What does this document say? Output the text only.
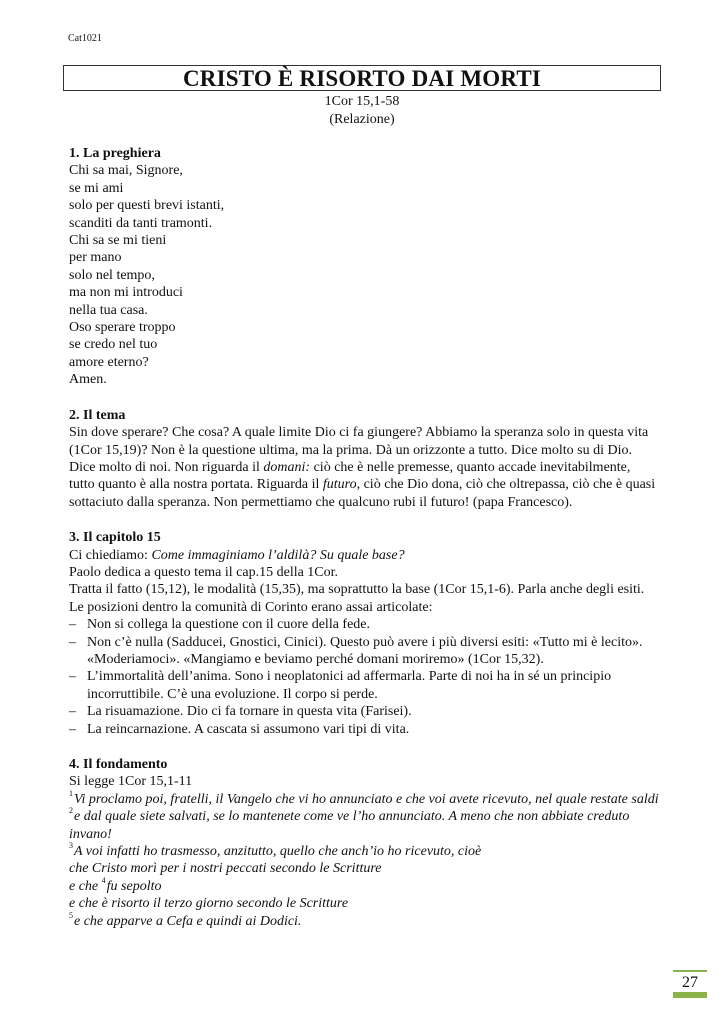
Cat1021
CRISTO È RISORTO DAI MORTI
1Cor 15,1-58
(Relazione)
1. La preghiera
Chi sa mai, Signore,
se mi ami
solo per questi brevi istanti,
scanditi da tanti tramonti.
Chi sa se mi tieni
per mano
solo nel tempo,
ma non mi introduci
nella tua casa.
Oso sperare troppo
se credo nel tuo
amore eterno?
Amen.
2. Il tema

Sin dove sperare? Che cosa? A quale limite Dio ci fa giungere? Abbiamo la speranza solo in questa vita (1Cor 15,19)? Non è la questione ultima, ma la prima. Dà un orizzonte a tutto. Dice molto su di Dio. Dice molto di noi. Non riguarda il domani: ciò che è nelle premesse, quanto accade inevitabilmente, tutto quanto è alla nostra portata. Riguarda il futuro, ciò che Dio dona, ciò che oltrepassa, ciò che è quasi sottaciuto dalla speranza. Non permettiamo che qualcuno rubi il futuro! (papa Francesco).

3. Il capitolo 15

Ci chiediamo: Come immaginiamo l’aldilà? Su quale base?

Paolo dedica a questo tema il cap.15 della 1Cor.

Tratta il fatto (15,12), le modalità (15,35), ma soprattutto la base (1Cor 15,1-6). Parla anche degli esiti.

Le posizioni dentro la comunità di Corinto erano assai articolate:

– Non si collega la questione con il cuore della fede.
– Non c’è nulla (Sadducei, Gnostici, Cinici). Questo può avere i più diversi esiti: «Tutto mi è lecito». «Moderiamoci». «Mangiamo e beviamo perché domani moriremo» (1Cor 15,32).
– L’immortalità dell’anima. Sono i neoplatonici ad affermarla. Parte di noi ha in sé un principio incorruttibile. C’è una evoluzione. Il corpo si perde.
– La risuamazione. Dio ci fa tornare in questa vita (Farisei).
– La reincarnazione. A cascata si assumono vari tipi di vita.
4. Il fondamento

Si legge 1Cor 15,1-11

$^1$Vi proclamo poi, fratelli, il Vangelo che vi ho annunciato e che voi avete ricevuto, nel quale restate saldi $^2$e dal quale siete salvati, se lo mantenete come ve l’ho annunciato. A meno che non abbiate creduto invano!

$^3$A voi infatti ho trasmesso, anzitutto, quello che anch’io ho ricevuto, cioè

che Cristo morì per i nostri peccati secondo le Scritture

e che $^4$fu sepolto

e che è risorto il terzo giorno secondo le Scritture

$^5$e che apparve a Cefa e quindi ai Dodici.

27
